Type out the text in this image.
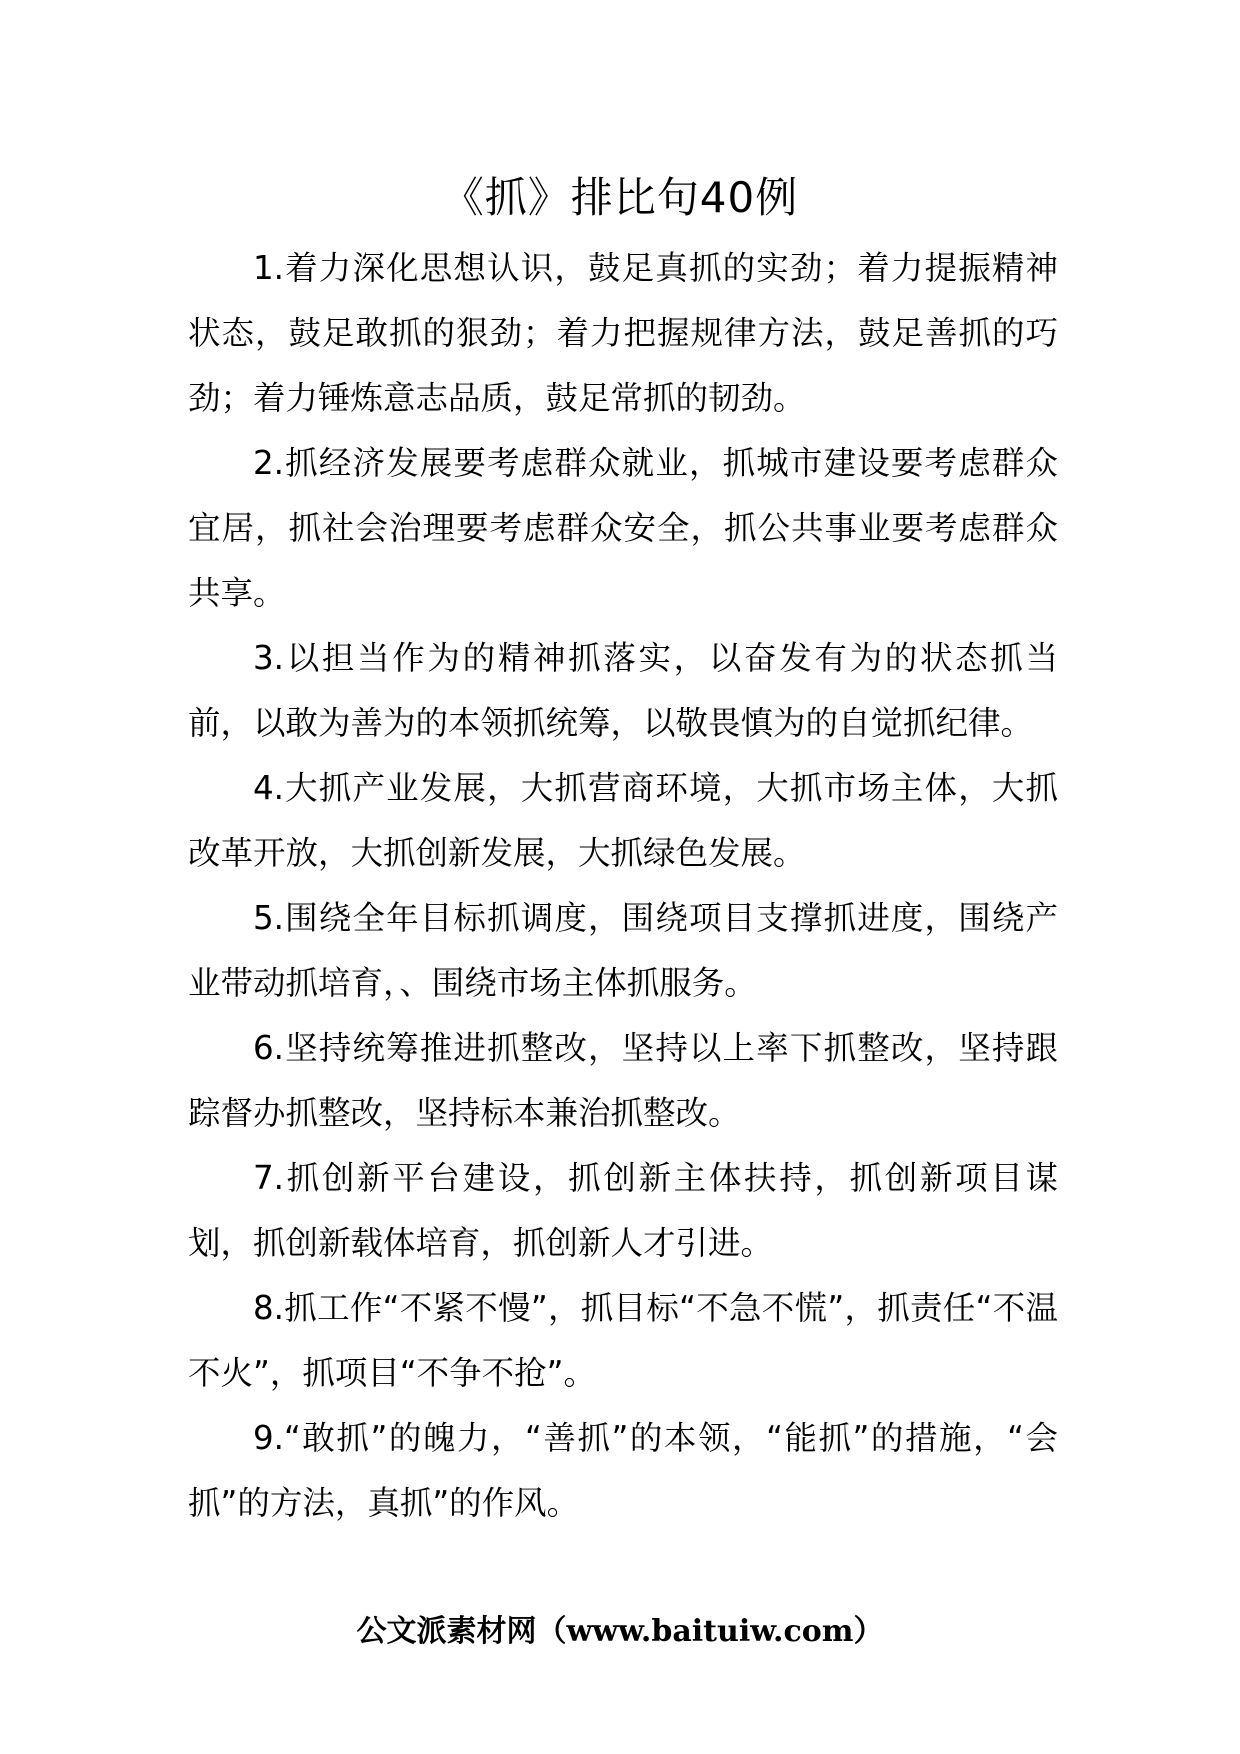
《抓》排比句40例

1.着力深化思想认识，鼓足真抓的实劲；着力提振精神状态，鼓足敢抓的狠劲；着力把握规律方法，鼓足善抓的巧劲；着力锤炼意志品质，鼓足常抓的韧劲。

2.抓经济发展要考虑群众就业，抓城市建设要考虑群众宜居，抓社会治理要考虑群众安全，抓公共事业要考虑群众共享。

3.以担当作为的精神抓落实，以奋发有为的状态抓当前，以敢为善为的本领抓统筹，以敬畏慎为的自觉抓纪律。

4.大抓产业发展，大抓营商环境，大抓市场主体，大抓改革开放，大抓创新发展，大抓绿色发展。

5.围绕全年目标抓调度，围绕项目支撑抓进度，围绕产业带动抓培育，、围绕市场主体抓服务。

6.坚持统筹推进抓整改，坚持以上率下抓整改，坚持跟踪督办抓整改，坚持标本兼治抓整改。

7.抓创新平台建设，抓创新主体扶持，抓创新项目谋划，抓创新载体培育，抓创新人才引进。

8.抓工作“不紧不慢”，抓目标“不急不慌”，抓责任“不温不火”，抓项目“不争不抢”。

9.“敢抓”的魄力，“善抓”的本领，“能抓”的措施，“会抓”的方法，真抓”的作风。

公文派素材网（www.baituiw.com）
